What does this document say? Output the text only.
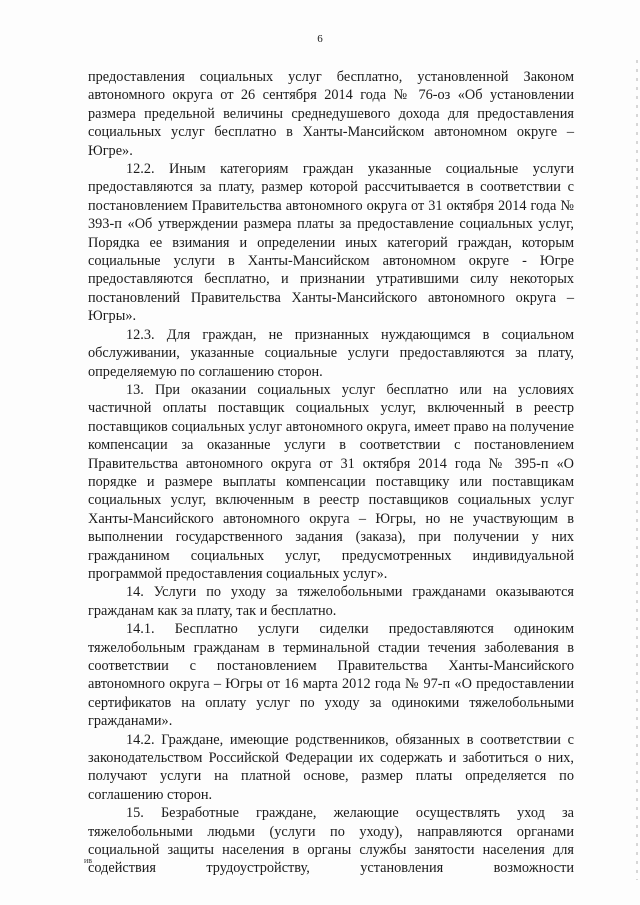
6

предоставления социальных услуг бесплатно, установленной Законом автономного округа от 26 сентября 2014 года № 76-оз «Об установлении размера предельной величины среднедушевого дохода для предоставления социальных услуг бесплатно в Ханты-Мансийском автономном округе – Югре».

12.2. Иным категориям граждан указанные социальные услуги предоставляются за плату, размер которой рассчитывается в соответствии с постановлением Правительства автономного округа от 31 октября 2014 года № 393-п «Об утверждении размера платы за предоставление социальных услуг, Порядка ее взимания и определении иных категорий граждан, которым социальные услуги в Ханты-Мансийском автономном округе - Югре предоставляются бесплатно, и признании утратившими силу некоторых постановлений Правительства Ханты-Мансийского автономного округа – Югры».

12.3. Для граждан, не признанных нуждающимся в социальном обслуживании, указанные социальные услуги предоставляются за плату, определяемую по соглашению сторон.

13. При оказании социальных услуг бесплатно или на условиях частичной оплаты поставщик социальных услуг, включенный в реестр поставщиков социальных услуг автономного округа, имеет право на получение компенсации за оказанные услуги в соответствии с постановлением Правительства автономного округа от 31 октября 2014 года № 395-п «О порядке и размере выплаты компенсации поставщику или поставщикам социальных услуг, включенным в реестр поставщиков социальных услуг Ханты-Мансийского автономного округа – Югры, но не участвующим в выполнении государственного задания (заказа), при получении у них гражданином социальных услуг, предусмотренных индивидуальной программой предоставления социальных услуг».

14. Услуги по уходу за тяжелобольными гражданами оказываются гражданам как за плату, так и бесплатно.

14.1. Бесплатно услуги сиделки предоставляются одиноким тяжелобольным гражданам в терминальной стадии течения заболевания в соответствии с постановлением Правительства Ханты-Мансийского автономного округа – Югры от 16 марта 2012 года № 97-п «О предоставлении сертификатов на оплату услуг по уходу за одинокими тяжелобольными гражданами».

14.2. Граждане, имеющие родственников, обязанных в соответствии с законодательством Российской Федерации их содержать и заботиться о них, получают услуги на платной основе, размер платы определяется по соглашению сторон.

15. Безработные граждане, желающие осуществлять уход за тяжелобольными людьми (услуги по уходу), направляются органами социальной защиты населения в органы службы занятости населения для содействия трудоустройству, установления возможности

ив
